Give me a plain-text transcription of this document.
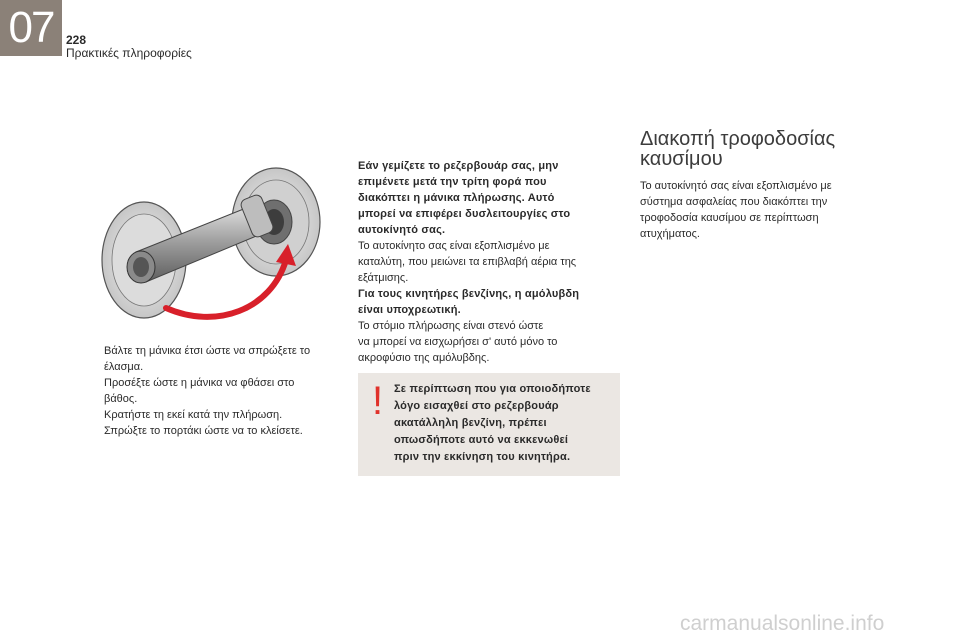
07	228
Πρακτικές πληροφορίες
Βάλτε τη μάνικα έτσι ώστε να σπρώξετε το
έλασμα.
Προσέξτε ώστε η μάνικα να φθάσει στο
βάθος.
Κρατήστε τη εκεί κατά την πλήρωση.
Σπρώξτε το πορτάκι ώστε να το κλείσετε.

Εάν γεμίζετε το ρεζερβουάρ σας, μην
επιμένετε μετά την τρίτη φορά που
διακόπτει η μάνικα πλήρωσης. Αυτό
μπορεί να επιφέρει δυσλειτουργίες στο
αυτοκίνητό σας.

Το αυτοκίνητο σας είναι εξοπλισμένο με
καταλύτη, που μειώνει τα επιβλαβή αέρια της
εξάτμισης.

Για τους κινητήρες βενζίνης, η αμόλυβδη
είναι υποχρεωτική.

Το στόμιο πλήρωσης είναι στενό ώστε
να μπορεί να εισχωρήσει σ' αυτό μόνο το
ακροφύσιο της αμόλυβδης.

! Σε περίπτωση που για οποιοδήποτε
λόγο εισαχθεί στο ρεζερβουάρ
ακατάλληλη βενζίνη, πρέπει
οπωσδήποτε αυτό να εκκενωθεί
πριν την εκκίνηση του κινητήρα.
Διακοπή τροφοδοσίας
καυσίμου

Το αυτοκίνητό σας είναι εξοπλισμένο με
σύστημα ασφαλείας που διακόπτει την
τροφοδοσία καυσίμου σε περίπτωση
ατυχήματος.

carmanualsonline.info
